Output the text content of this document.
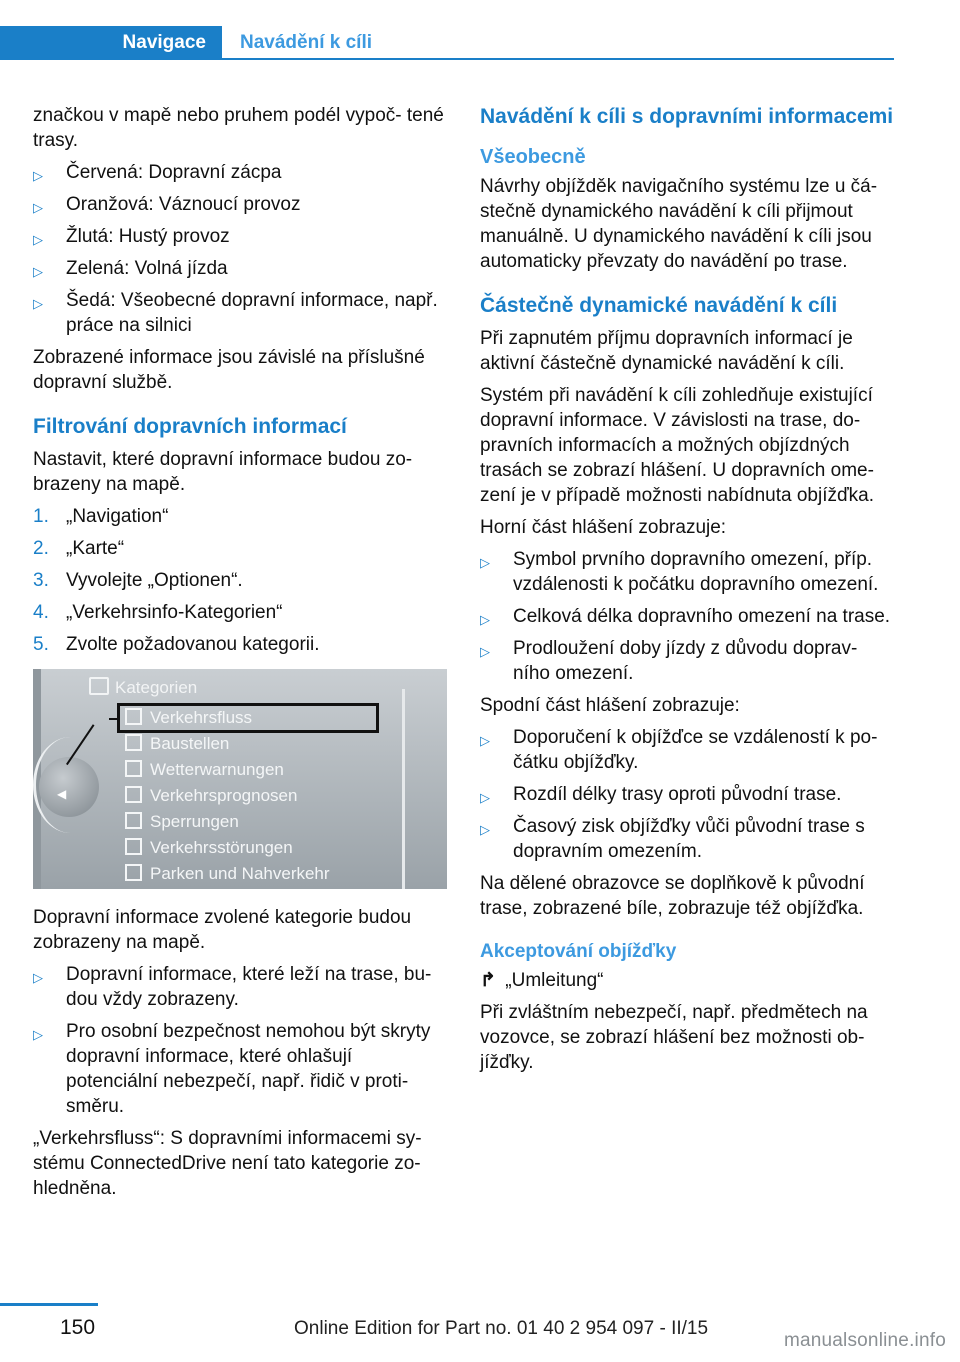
Navigace Navádění k cíli

značkou v mapě nebo pruhem podél vypoč‐ tené trasy.

▷ Červená: Dopravní zácpa
▷ Oranžová: Váznoucí provoz
▷ Žlutá: Hustý provoz
▷ Zelená: Volná jízda
▷ Šedá: Všeobecné dopravní informace, např. práce na silnici

Zobrazené informace jsou závislé na příslušné dopravní službě.

Filtrování dopravních informací

Nastavit, které dopravní informace budou zo‐ brazeny na mapě.

1. „Navigation“
2. „Karte“
3. Vyvolejte „Optionen“.
4. „Verkehrsinfo-Kategorien“
5. Zvolte požadovanou kategorii.
Kategorien
Verkehrsfluss
Baustellen
Wetterwarnungen
Verkehrsprognosen
Sperrungen
Verkehrsstörungen
Parken und Nahverkehr
◀

Dopravní informace zvolené kategorie budou zobrazeny na mapě.

▷ Dopravní informace, které leží na trase, bu‐ dou vždy zobrazeny.
▷ Pro osobní bezpečnost nemohou být skryty dopravní informace, které ohlašují potenciální nebezpečí, např. řidič v proti‐ směru.

„Verkehrsfluss“: S dopravními informacemi sy‐ stému ConnectedDrive není tato kategorie zo‐ hledněna.

Navádění k cíli s dopravními informacemi
Všeobecně

Návrhy objížděk navigačního systému lze u čá‐ stečně dynamického navádění k cíli přijmout manuálně. U dynamického navádění k cíli jsou automaticky převzaty do navádění po trase.

Částečně dynamické navádění k cíli

Při zapnutém příjmu dopravních informací je aktivní částečně dynamické navádění k cíli.

Systém při navádění k cíli zohledňuje existující dopravní informace. V závislosti na trase, do‐ pravních informacích a možných objízdných trasách se zobrazí hlášení. U dopravních ome‐ zení je v případě možnosti nabídnuta objížďka.

Horní část hlášení zobrazuje:

▷ Symbol prvního dopravního omezení, příp. vzdálenosti k počátku dopravního omezení.
▷ Celková délka dopravního omezení na trase.
▷ Prodloužení doby jízdy z důvodu doprav‐ ního omezení.

Spodní část hlášení zobrazuje:

▷ Doporučení k objížďce se vzdáleností k po‐ čátku objížďky.
▷ Rozdíl délky trasy oproti původní trase.
▷ Časový zisk objížďky vůči původní trase s dopravním omezením.

Na dělené obrazovce se doplňkově k původní trase, zobrazené bíle, zobrazuje též objížďka.

Akceptování objížďky

↱ „Umleitung“

Při zvláštním nebezpečí, např. předmětech na vozovce, se zobrazí hlášení bez možnosti ob‐ jížďky.

150	Online Edition for Part no. 01 40 2 954 097 - II/15
manualsonline.info
